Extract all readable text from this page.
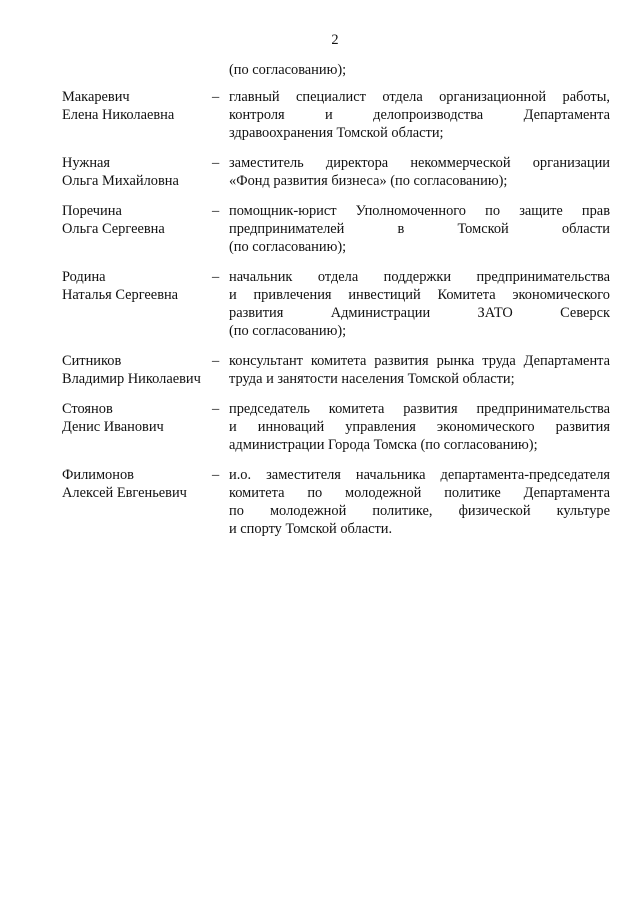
2
(по согласованию);
Макаревич
Елена Николаевна
– главный специалист отдела организационной работы,
контроля и делопроизводства Департамента
здравоохранения Томской области;
Нужная
Ольга Михайловна
– заместитель директора некоммерческой организации
«Фонд развития бизнеса» (по согласованию);
Поречина
Ольга Сергеевна
– помощник-юрист Уполномоченного по защите прав
предпринимателей в Томской области
(по согласованию);
Родина
Наталья Сергеевна
– начальник отдела поддержки предпринимательства
и привлечения инвестиций Комитета экономического
развития Администрации ЗАТО Северск
(по согласованию);
Ситников
Владимир Николаевич
– консультант комитета развития рынка труда Департамента
труда и занятости населения Томской области;
Стоянов
Денис Иванович
– председатель комитета развития предпринимательства
и инноваций управления экономического развития
администрации Города Томска (по согласованию);
Филимонов
Алексей Евгеньевич
– и.о. заместителя начальника департамента-председателя
комитета по молодежной политике Департамента
по молодежной политике, физической культуре
и спорту Томской области.
